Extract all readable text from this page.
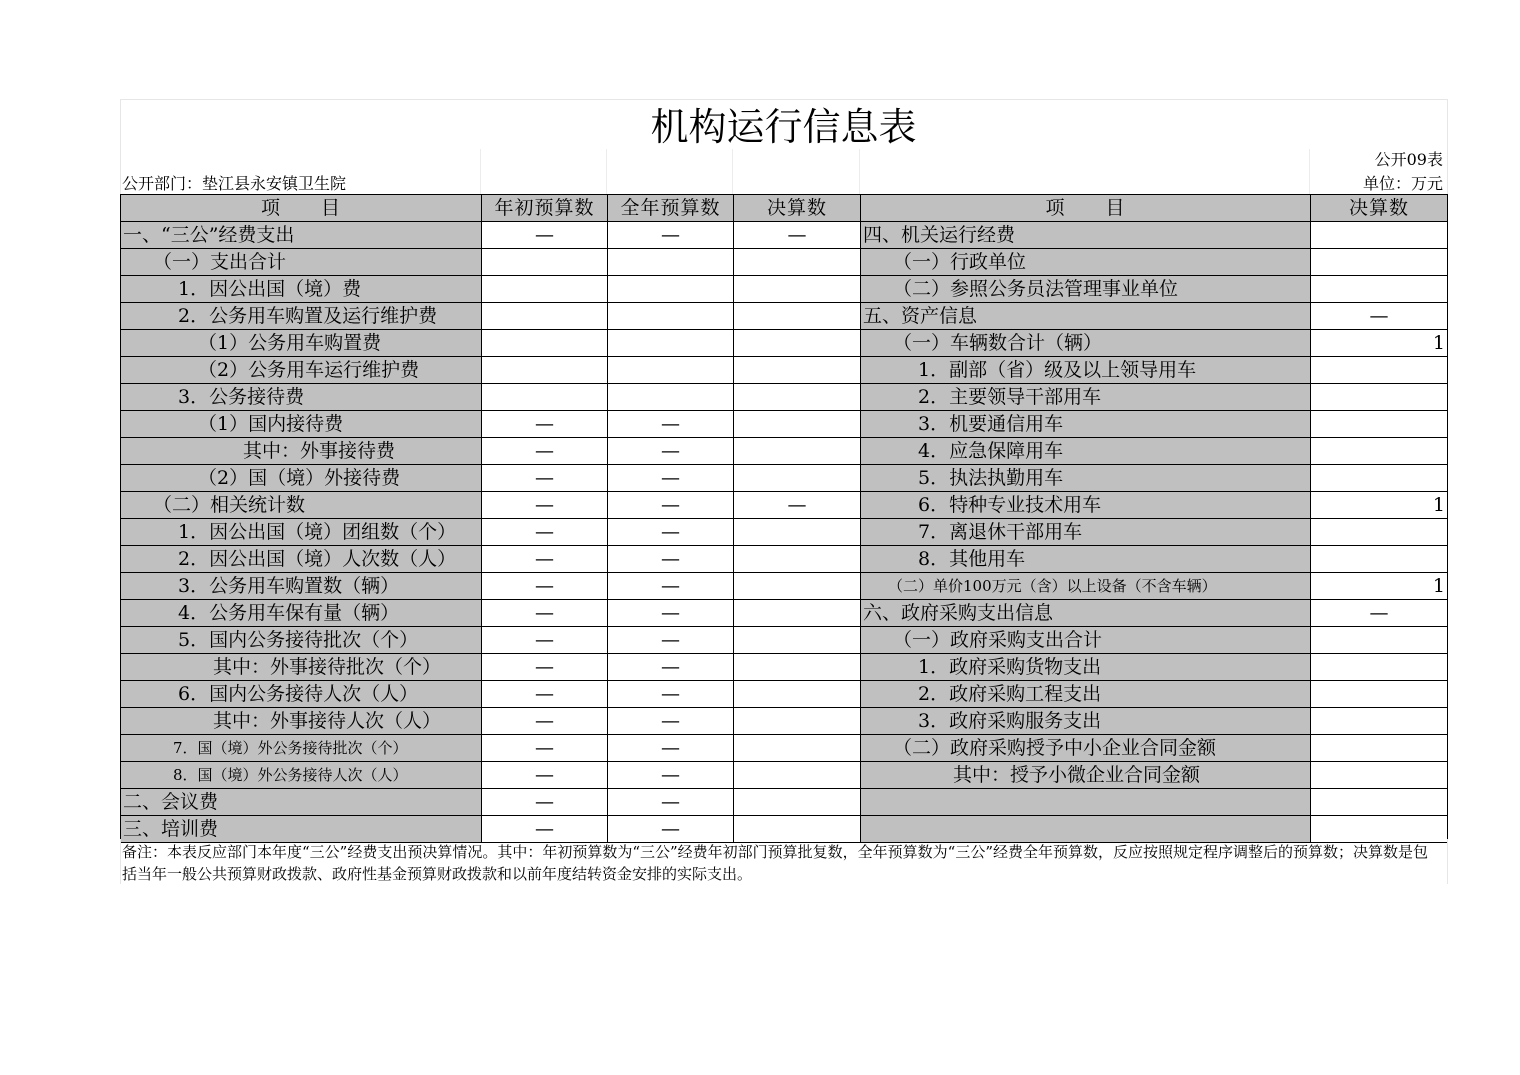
机构运行信息表
公开09表
公开部门：垫江县永安镇卫生院	单位：万元
项　　目	年初预算数	全年预算数	决算数	项　　目	决算数
一、“三公”经费支出	—	—	—	四、机关运行经费	
（一）支出合计				（一）行政单位	
1．因公出国（境）费				（二）参照公务员法管理事业单位	
2．公务用车购置及运行维护费				五、资产信息	—
（1）公务用车购置费				（一）车辆数合计（辆）	1
（2）公务用车运行维护费				1．副部（省）级及以上领导用车	
3．公务接待费				2．主要领导干部用车	
（1）国内接待费	—	—		3．机要通信用车	
其中：外事接待费	—	—		4．应急保障用车	
（2）国（境）外接待费	—	—		5．执法执勤用车	
（二）相关统计数	—	—	—	6．特种专业技术用车	1
1．因公出国（境）团组数（个）	—	—		7．离退休干部用车	
2．因公出国（境）人次数（人）	—	—		8．其他用车	
3．公务用车购置数（辆）	—	—		（二）单价100万元（含）以上设备（不含车辆）	1
4．公务用车保有量（辆）	—	—		六、政府采购支出信息	—
5．国内公务接待批次（个）	—	—		（一）政府采购支出合计	
其中：外事接待批次（个）	—	—		1．政府采购货物支出	
6．国内公务接待人次（人）	—	—		2．政府采购工程支出	
其中：外事接待人次（人）	—	—		3．政府采购服务支出	
7．国（境）外公务接待批次（个）	—	—		（二）政府采购授予中小企业合同金额	
8．国（境）外公务接待人次（人）	—	—		其中：授予小微企业合同金额	
二、会议费	—	—			
三、培训费	—	—			
备注：本表反应部门本年度“三公”经费支出预决算情况。其中：年初预算数为“三公”经费年初部门预算批复数，全年预算数为“三公”经费全年预算数，反应按照规定程序调整后的预算数；决算数是包括当年一般公共预算财政拨款、政府性基金预算财政拨款和以前年度结转资金安排的实际支出。
